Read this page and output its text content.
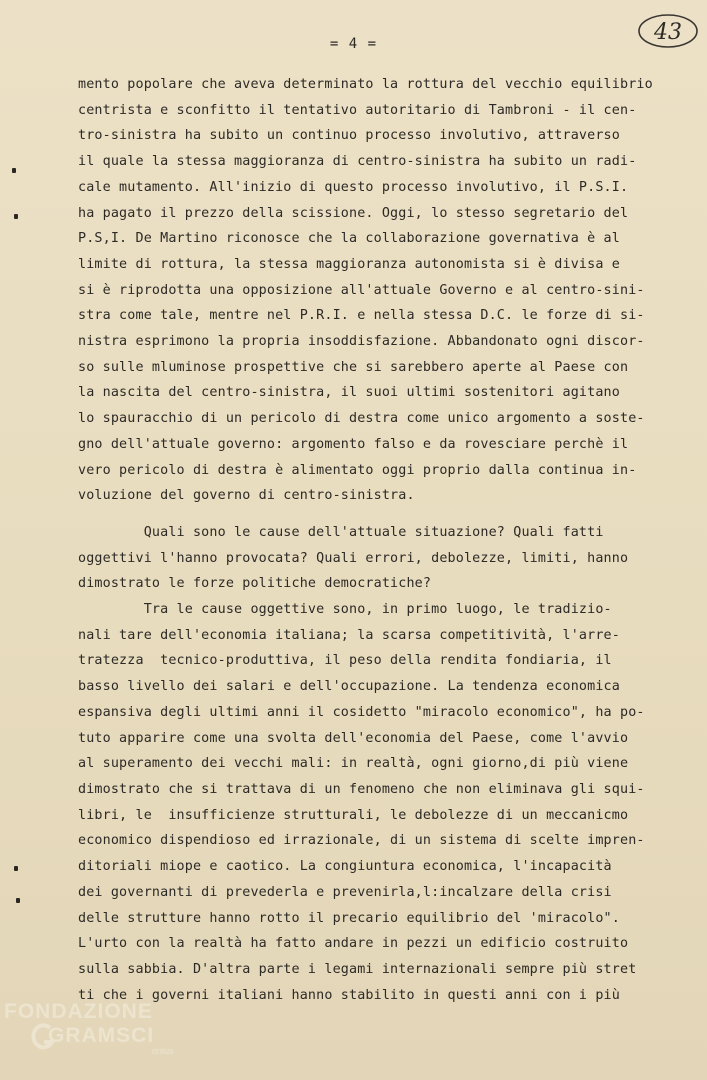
= 4 =	43
mento popolare che aveva determinato la rottura del vecchio equilibrio
centrista e sconfitto il tentativo autoritario di Tambroni - il cen-
tro-sinistra ha subito un continuo processo involutivo, attraverso
il quale la stessa maggioranza di centro-sinistra ha subito un radi-
cale mutamento. All'inizio di questo processo involutivo, il P.S.I.
ha pagato il prezzo della scissione. Oggi, lo stesso segretario del
P.S,I. De Martino riconosce che la collaborazione governativa è al
limite di rottura, la stessa maggioranza autonomista si è divisa e
si è riprodotta una opposizione all'attuale Governo e al centro-sini-
stra come tale, mentre nel P.R.I. e nella stessa D.C. le forze di si-
nistra esprimono la propria insoddisfazione. Abbandonato ogni discor-
so sulle mluminose prospettive che si sarebbero aperte al Paese con
la nascita del centro-sinistra, il suoi ultimi sostenitori agitano
lo spauracchio di un pericolo di destra come unico argomento a soste-
gno dell'attuale governo: argomento falso e da rovesciare perchè il
vero pericolo di destra è alimentato oggi proprio dalla continua in-
voluzione del governo di centro-sinistra.
Quali sono le cause dell'attuale situazione? Quali fatti
oggettivi l'hanno provocata? Quali errori, debolezze, limiti, hanno
dimostrato le forze politiche democratiche?
Tra le cause oggettive sono, in primo luogo, le tradizio-
nali tare dell'economia italiana; la scarsa competitività, l'arre-
tratezza  tecnico-produttiva, il peso della rendita fondiaria, il
basso livello dei salari e dell'occupazione. La tendenza economica
espansiva degli ultimi anni il cosidetto "miracolo economico", ha po-
tuto apparire come una svolta dell'economia del Paese, come l'avvio
al superamento dei vecchi mali: in realtà, ogni giorno,di più viene
dimostrato che si trattava di un fenomeno che non eliminava gli squi-
libri, le  insufficienze strutturali, le debolezze di un meccanicmo
economico dispendioso ed irrazionale, di un sistema di scelte impren-
ditoriali miope e caotico. La congiuntura economica, l'incapacità
dei governanti di prevederla e prevenirla,l:incalzare della crisi
delle strutture hanno rotto il precario equilibrio del 'miracolo".
L'urto con la realtà ha fatto andare in pezzi un edificio costruito
sulla sabbia. D'altra parte i legami internazionali sempre più stret
ti che i governi italiani hanno stabilito in questi anni con i più
FONDAZIONE
GRAMSCI
onlus
